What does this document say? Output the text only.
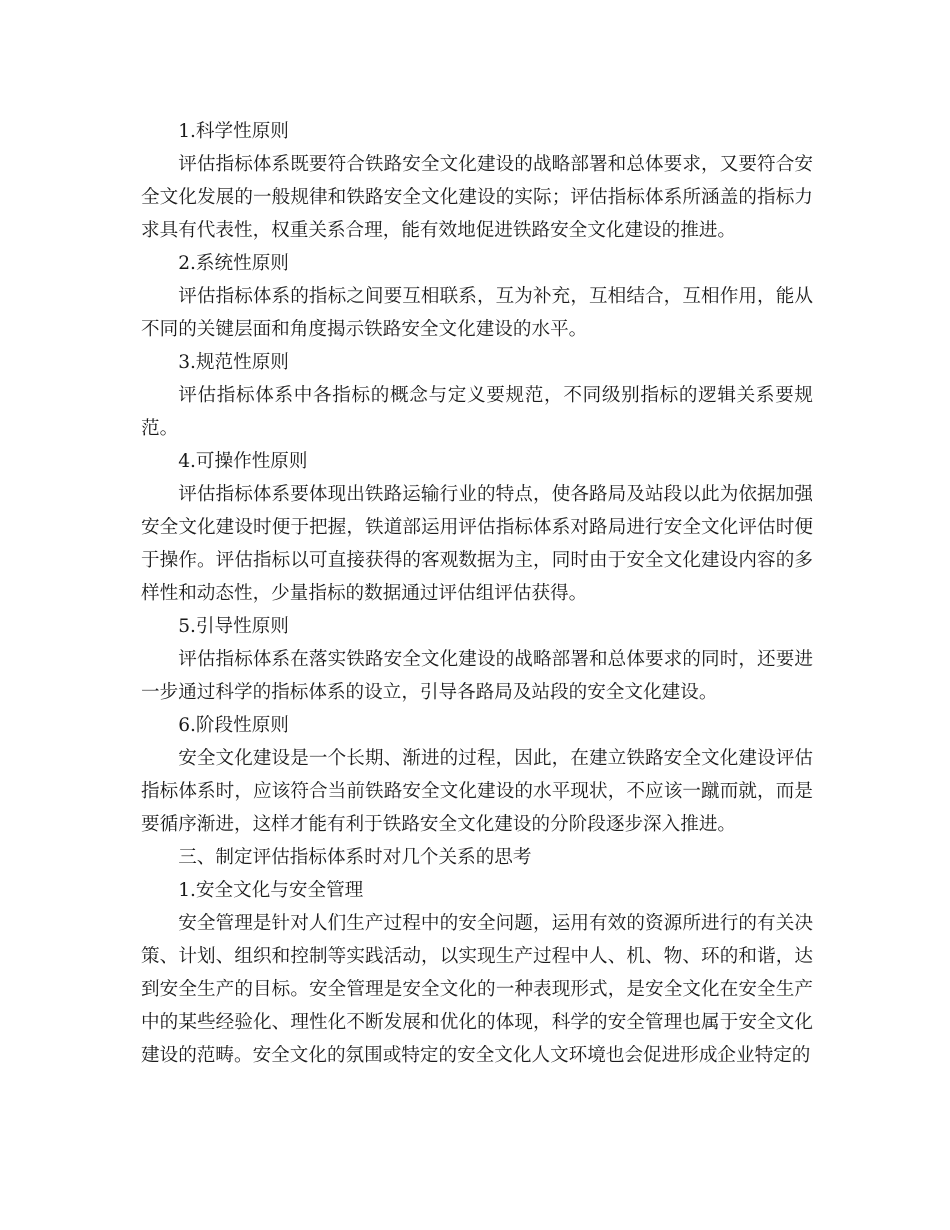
1.科学性原则

评估指标体系既要符合铁路安全文化建设的战略部署和总体要求，又要符合安全文化发展的一般规律和铁路安全文化建设的实际；评估指标体系所涵盖的指标力求具有代表性，权重关系合理，能有效地促进铁路安全文化建设的推进。

2.系统性原则

评估指标体系的指标之间要互相联系，互为补充，互相结合，互相作用，能从不同的关键层面和角度揭示铁路安全文化建设的水平。

3.规范性原则

评估指标体系中各指标的概念与定义要规范，不同级别指标的逻辑关系要规范。

4.可操作性原则

评估指标体系要体现出铁路运输行业的特点，使各路局及站段以此为依据加强安全文化建设时便于把握，铁道部运用评估指标体系对路局进行安全文化评估时便于操作。评估指标以可直接获得的客观数据为主，同时由于安全文化建设内容的多样性和动态性，少量指标的数据通过评估组评估获得。

5.引导性原则

评估指标体系在落实铁路安全文化建设的战略部署和总体要求的同时，还要进一步通过科学的指标体系的设立，引导各路局及站段的安全文化建设。

6.阶段性原则

安全文化建设是一个长期、渐进的过程，因此，在建立铁路安全文化建设评估指标体系时，应该符合当前铁路安全文化建设的水平现状，不应该一蹴而就，而是要循序渐进，这样才能有利于铁路安全文化建设的分阶段逐步深入推进。

三、制定评估指标体系时对几个关系的思考

1.安全文化与安全管理

安全管理是针对人们生产过程中的安全问题，运用有效的资源所进行的有关决策、计划、组织和控制等实践活动，以实现生产过程中人、机、物、环的和谐，达到安全生产的目标。安全管理是安全文化的一种表现形式，是安全文化在安全生产中的某些经验化、理性化不断发展和优化的体现，科学的安全管理也属于安全文化建设的范畴。安全文化的氛围或特定的安全文化人文环境也会促进形成企业特定的
